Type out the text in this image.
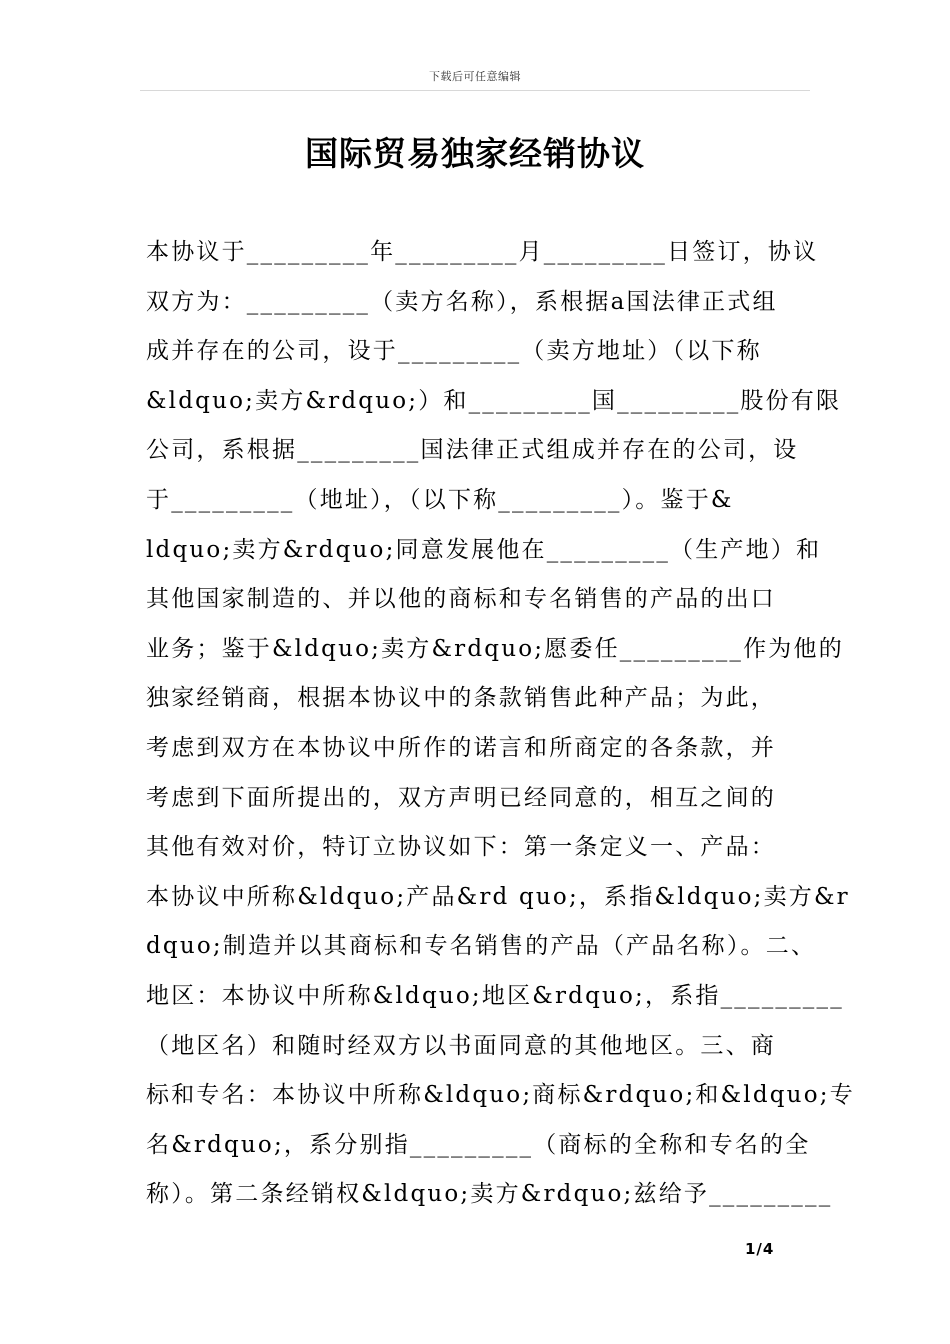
下载后可任意编辑
国际贸易独家经销协议
本协议于_________年_________月_________日签订，协议
双方为：_________（卖方名称），系根据a国法律正式组
成并存在的公司，设于_________（卖方地址）（以下称
&ldquo;卖方&rdquo;）和_________国_________股份有限
公司，系根据_________国法律正式组成并存在的公司，设
于_________（地址），（以下称_________）。鉴于&
ldquo;卖方&rdquo;同意发展他在_________（生产地）和
其他国家制造的、并以他的商标和专名销售的产品的出口
业务；鉴于&ldquo;卖方&rdquo;愿委任_________作为他的
独家经销商，根据本协议中的条款销售此种产品；为此，
考虑到双方在本协议中所作的诺言和所商定的各条款，并
考虑到下面所提出的，双方声明已经同意的，相互之间的
其他有效对价，特订立协议如下：第一条定义一、产品：
本协议中所称&ldquo;产品&rd quo;，系指&ldquo;卖方&r
dquo;制造并以其商标和专名销售的产品（产品名称）。二、
地区：本协议中所称&ldquo;地区&rdquo;，系指_________
（地区名）和随时经双方以书面同意的其他地区。三、商
标和专名：本协议中所称&ldquo;商标&rdquo;和&ldquo;专
名&rdquo;，系分别指_________（商标的全称和专名的全
称）。第二条经销权&ldquo;卖方&rdquo;兹给予_________
1/4
